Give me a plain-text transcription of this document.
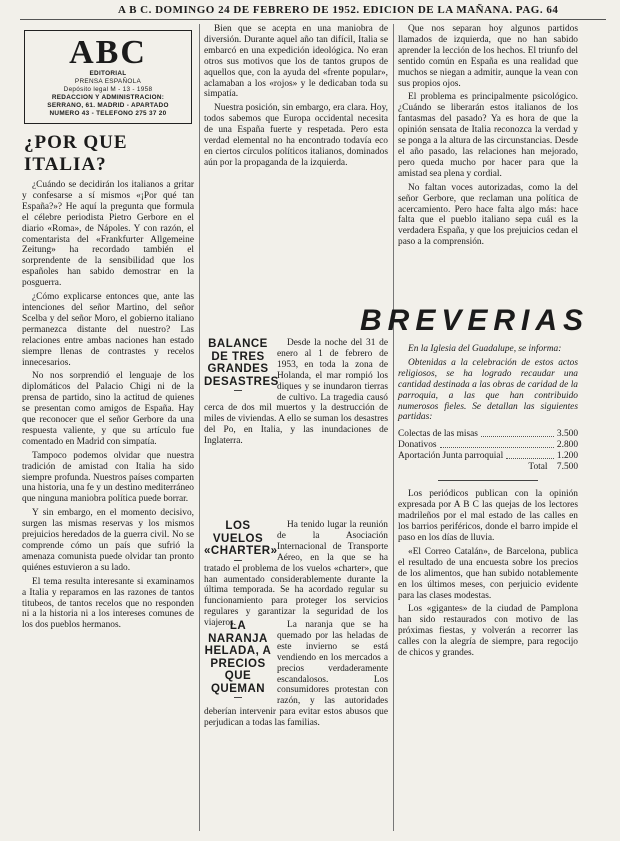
A B C. DOMINGO 24 DE FEBRERO DE 1952. EDICION DE LA MAÑANA. PAG. 64
ABC
EDITORIAL
PRENSA ESPAÑOLA
Depósito legal M - 13 - 1958
REDACCION Y ADMINISTRACION:
SERRANO, 61. MADRID - APARTADO
NUMERO 43 - TELEFONO 275 37 20
¿POR QUE ITALIA?

¿Cuándo se decidirán los italianos a gritar y confesarse a sí mismos «¡Por qué tan España?»? He aquí la pregunta que formula el célebre periodista Pietro Gerbore en el diario «Roma», de Nápoles. Y con razón, el comentarista del «Frankfurter Allgemeine Zeitung» ha recordado también el sorprendente de la sensibilidad que los españoles han sabido demostrar en la posguerra.

¿Cómo explicarse entonces que, ante las intenciones del señor Martino, del señor Scelba y del señor Moro, el gobierno italiano permanezca distante del nuestro? Las relaciones entre ambas naciones han estado siempre llenas de contrastes y recelos innecesarios.

No nos sorprendió el lenguaje de los diplomáticos del Palacio Chigi ni de la prensa de partido, sino la actitud de quienes se presentan como amigos de España. Hay que reconocer que el señor Gerbore da una respuesta valiente, y que su artículo fue comentado en Madrid con simpatía.

Tampoco podemos olvidar que nuestra tradición de amistad con Italia ha sido siempre profunda. Nuestros países comparten una historia, una fe y un destino mediterráneo que ninguna maniobra política puede borrar.

Y sin embargo, en el momento decisivo, surgen las mismas reservas y los mismos prejuicios heredados de la guerra civil. No se comprende cómo un país que sufrió la amenaza comunista puede olvidar tan pronto quiénes estuvieron a su lado.

El tema resulta interesante si examinamos a Italia y reparamos en las razones de tantos titubeos, de tantos recelos que no responden ni a la historia ni a los intereses comunes de los dos pueblos hermanos.

Bien que se acepta en una maniobra de diversión. Durante aquel año tan difícil, Italia se embarcó en una expedición ideológica. No eran otros sus motivos que los de tantos grupos de aquellos que, con la ayuda del «frente popular», aclamaban a los «rojos» y le dedicaban toda su simpatía.

Nuestra posición, sin embargo, era clara. Hoy, todos sabemos que Europa occidental necesita de una España fuerte y respetada. Pero esta verdad elemental no ha encontrado todavía eco en ciertos círculos políticos italianos, dominados aún por la propaganda de la izquierda.

Que nos separan hoy algunos partidos llamados de izquierda, que no han sabido aprender la lección de los hechos. El triunfo del sentido común en España es una realidad que muchos se niegan a admitir, aunque la vean con sus propios ojos.

El problema es principalmente psicológico. ¿Cuándo se liberarán estos italianos de los fantasmas del pasado? Ya es hora de que la opinión sensata de Italia reconozca la verdad y se ponga a la altura de las circunstancias. Desde el año pasado, las relaciones han mejorado, pero queda mucho por hacer para que la amistad sea plena y cordial.

No faltan voces autorizadas, como la del señor Gerbore, que reclaman una política de acercamiento. Pero hace falta algo más: hace falta que el pueblo italiano sepa cuál es la verdadera España, y que los prejuicios cedan el paso a la comprensión.

BREVERIAS
BALANCE DE TRES GRANDES DESASTRES

Desde la noche del 31 de enero al 1 de febrero de 1953, en toda la zona de Holanda, el mar rompió los diques y se inundaron tierras de cultivo. La tragedia causó cerca de dos mil muertos y la destrucción de miles de viviendas. A ello se suman los desastres del Po, en Italia, y las inundaciones de Inglaterra.

LOS VUELOS «CHARTER»

Ha tenido lugar la reunión de la Asociación Internacional de Transporte Aéreo, en la que se ha tratado el problema de los vuelos «charter», que han aumentado considerablemente durante la última temporada. Se ha acordado regular su funcionamiento para proteger los servicios regulares y garantizar la seguridad de los viajeros.

LA NARANJA HELADA, A PRECIOS QUE QUEMAN

La naranja que se ha quemado por las heladas de este invierno se está vendiendo en los mercados a precios verdaderamente escandalosos. Los consumidores protestan con razón, y las autoridades deberían intervenir para evitar estos abusos que perjudican a todas las familias.

En la Iglesia del Guadalupe, se informa:

Obtenidas a la celebración de estos actos religiosos, se ha logrado recaudar una cantidad destinada a las obras de caridad de la parroquia, a las que han contribuido numerosos fieles. Se detallan las siguientes partidas:

Colectas de las misas	3.500
Donativos	2.800
Aportación Junta parroquial	1.200
Total 7.500

Los periódicos publican con la opinión expresada por A B C las quejas de los lectores madrileños por el mal estado de las calles en los barrios periféricos, donde el barro impide el paso en los días de lluvia.

«El Correo Catalán», de Barcelona, publica el resultado de una encuesta sobre los precios de los alimentos, que han subido notablemente en los últimos meses, con perjuicio evidente para las clases modestas.

Los «gigantes» de la ciudad de Pamplona han sido restaurados con motivo de las próximas fiestas, y volverán a recorrer las calles con la alegría de siempre, para regocijo de chicos y grandes.
